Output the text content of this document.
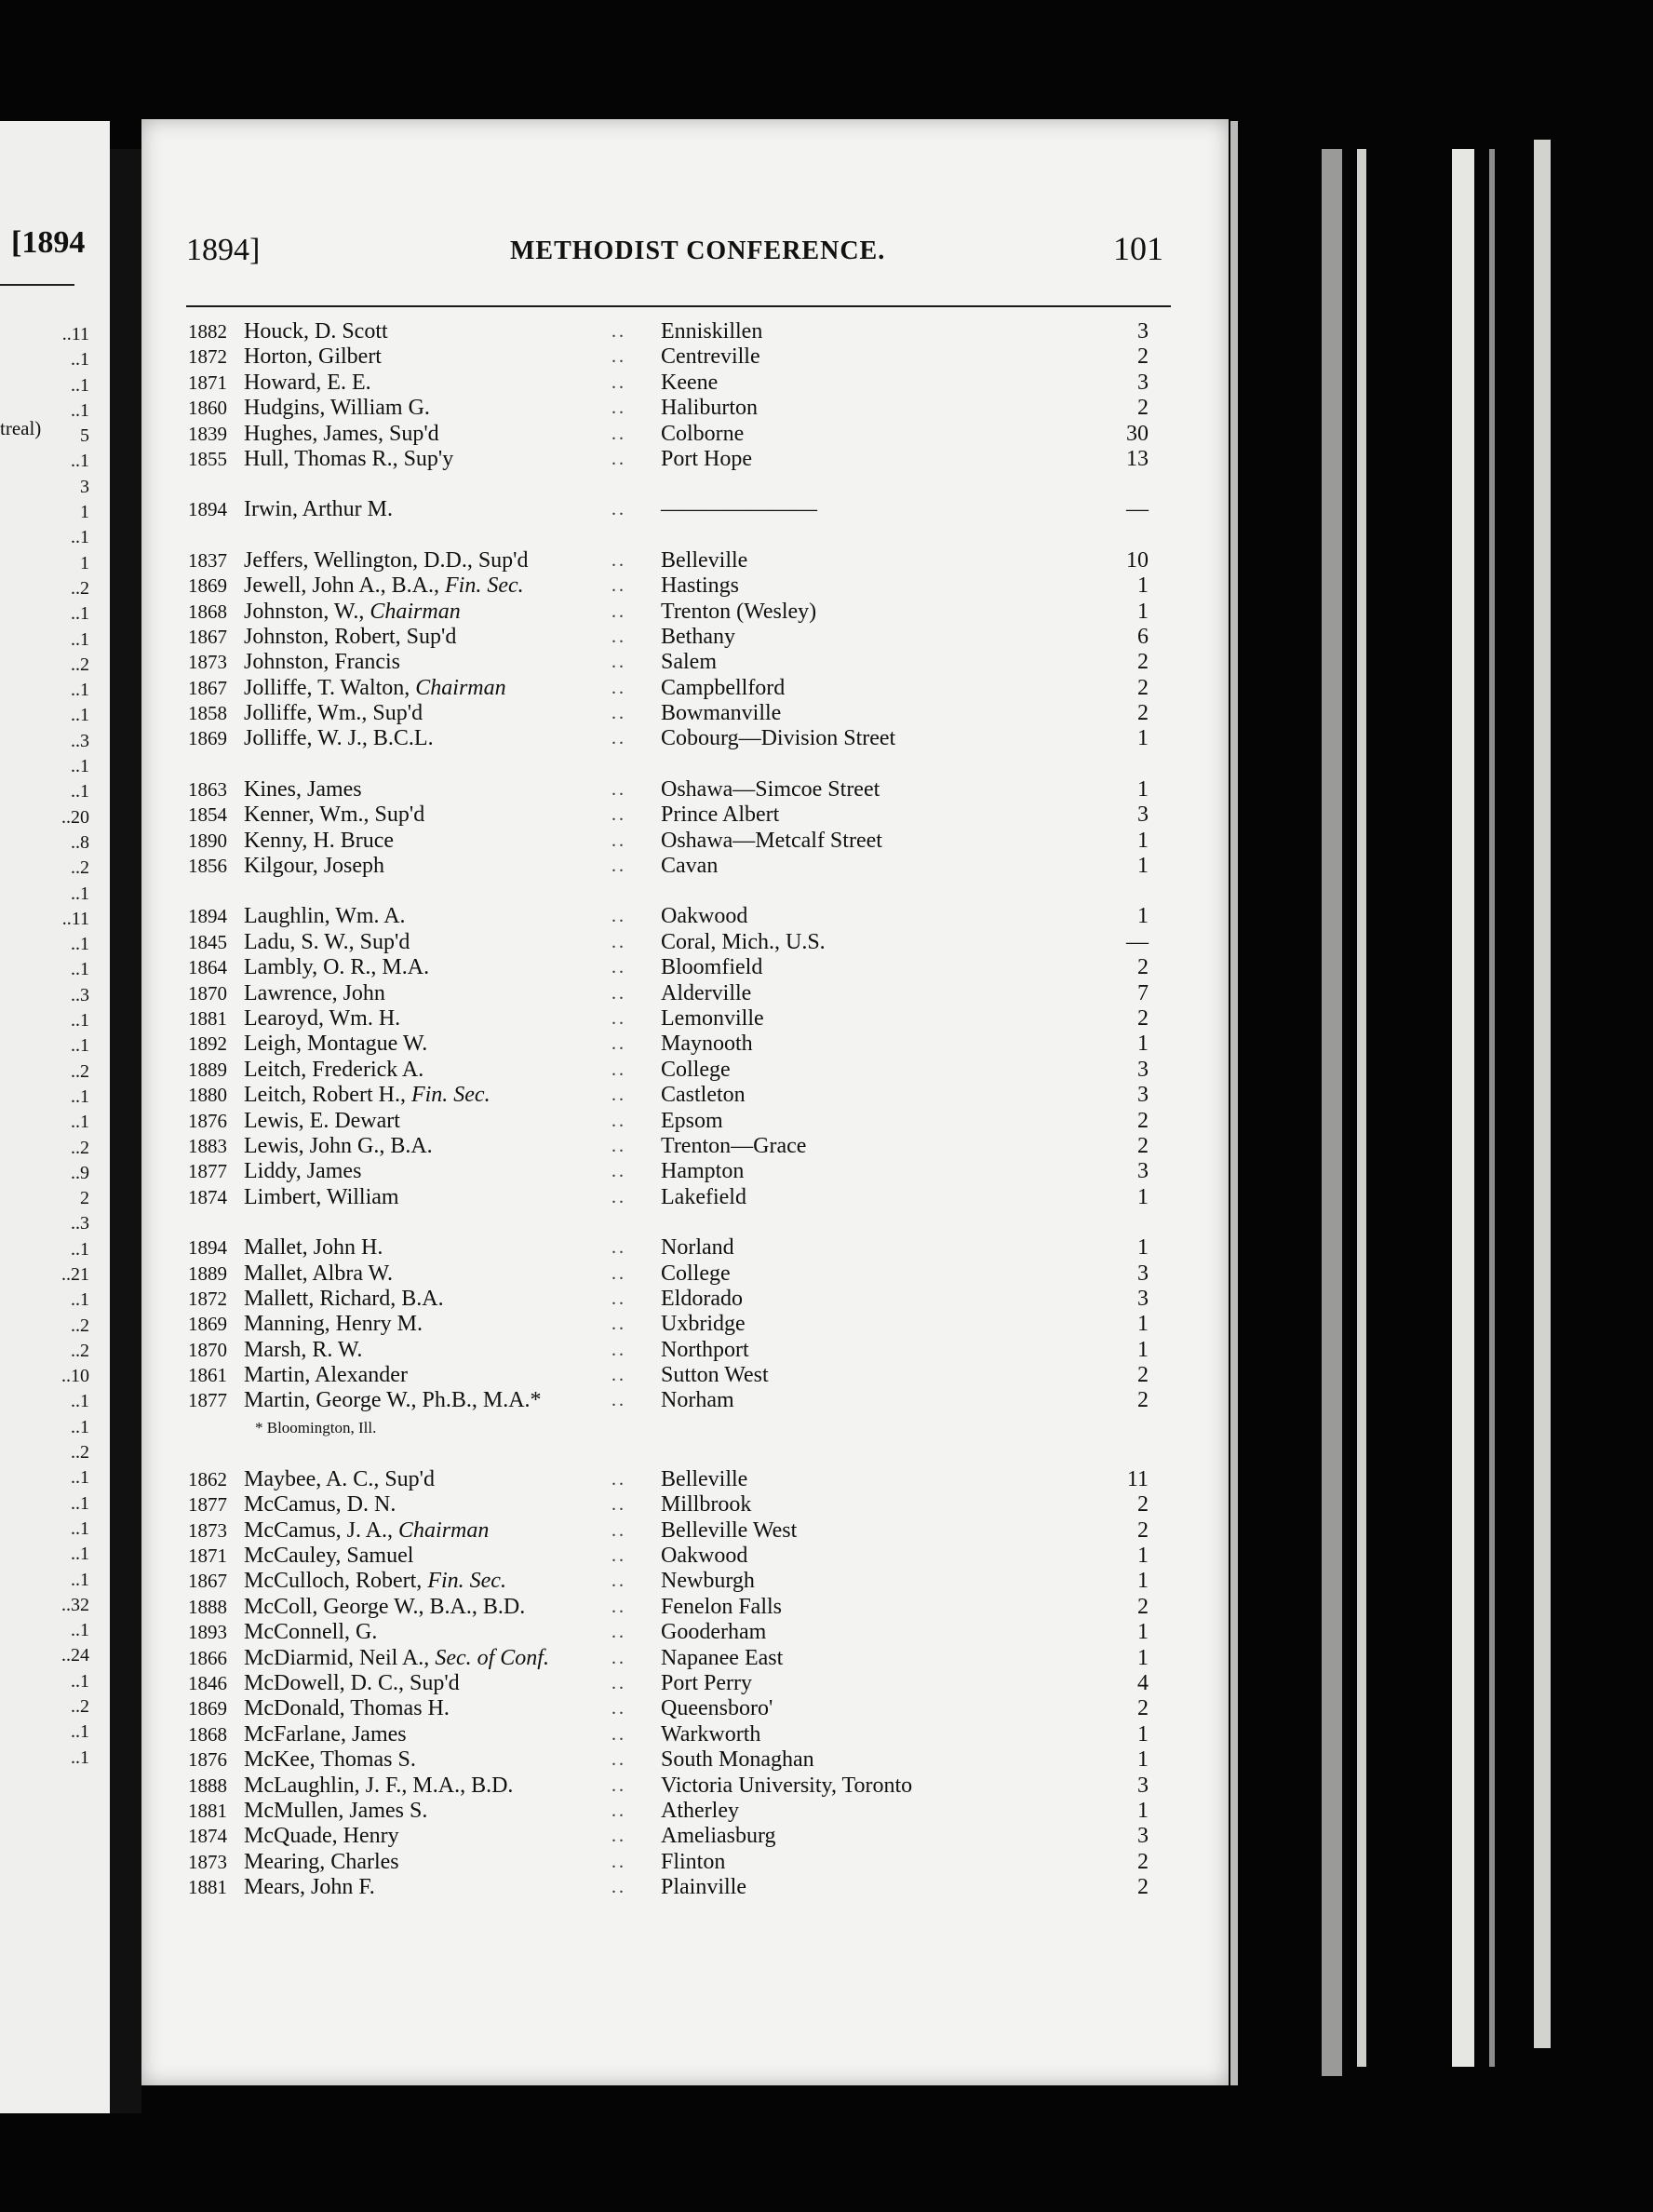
[1894
treal)
..11
..1
..1
..1
5
..1
3
1
..1
1
..2
..1
..1
..2
..1
..1
..3
..1
..1
..20
..8
..2
..1
..11
..1
..1
..3
..1
..1
..2
..1
..1
..2
..9
2
..3
..1
..21
..1
..2
..2
..10
..1
..1
..2
..1
..1
..1
..1
..1
..32
..1
..24
..1
..2
..1
..1
1894]	METHODIST CONFERENCE.	101
1882 Houck, D. Scott	.. Enniskillen	3
1872 Horton, Gilbert	.. Centreville	2
1871 Howard, E. E.	.. Keene	3
1860 Hudgins, William G.	.. Haliburton	2
1839 Hughes, James, Sup'd	.. Colborne	30
1855 Hull, Thomas R., Sup'y	.. Port Hope	13
1894 Irwin, Arthur M.	.. ———————	—
1837 Jeffers, Wellington, D.D., Sup'd	.. Belleville	10
1869 Jewell, John A., B.A., Fin. Sec.	.. Hastings	1
1868 Johnston, W., Chairman	.. Trenton (Wesley)	1
1867 Johnston, Robert, Sup'd	.. Bethany	6
1873 Johnston, Francis	.. Salem	2
1867 Jolliffe, T. Walton, Chairman	.. Campbellford	2
1858 Jolliffe, Wm., Sup'd	.. Bowmanville	2
1869 Jolliffe, W. J., B.C.L.	.. Cobourg—Division Street	1
1863 Kines, James	.. Oshawa—Simcoe Street	1
1854 Kenner, Wm., Sup'd	.. Prince Albert	3
1890 Kenny, H. Bruce	.. Oshawa—Metcalf Street	1
1856 Kilgour, Joseph	.. Cavan	1
1894 Laughlin, Wm. A.	.. Oakwood	1
1845 Ladu, S. W., Sup'd	.. Coral, Mich., U.S.	—
1864 Lambly, O. R., M.A.	.. Bloomfield	2
1870 Lawrence, John	.. Alderville	7
1881 Learoyd, Wm. H.	.. Lemonville	2
1892 Leigh, Montague W.	.. Maynooth	1
1889 Leitch, Frederick A.	.. College	3
1880 Leitch, Robert H., Fin. Sec.	.. Castleton	3
1876 Lewis, E. Dewart	.. Epsom	2
1883 Lewis, John G., B.A.	.. Trenton—Grace	2
1877 Liddy, James	.. Hampton	3
1874 Limbert, William	.. Lakefield	1
1894 Mallet, John H.	.. Norland	1
1889 Mallet, Albra W.	.. College	3
1872 Mallett, Richard, B.A.	.. Eldorado	3
1869 Manning, Henry M.	.. Uxbridge	1
1870 Marsh, R. W.	.. Northport	1
1861 Martin, Alexander	.. Sutton West	2
1877 Martin, George W., Ph.B., M.A.*	.. Norham	2
* Bloomington, Ill.
1862 Maybee, A. C., Sup'd	.. Belleville	11
1877 McCamus, D. N.	.. Millbrook	2
1873 McCamus, J. A., Chairman	.. Belleville West	2
1871 McCauley, Samuel	.. Oakwood	1
1867 McCulloch, Robert, Fin. Sec.	.. Newburgh	1
1888 McColl, George W., B.A., B.D.	.. Fenelon Falls	2
1893 McConnell, G.	.. Gooderham	1
1866 McDiarmid, Neil A., Sec. of Conf.	.. Napanee East	1
1846 McDowell, D. C., Sup'd	.. Port Perry	4
1869 McDonald, Thomas H.	.. Queensboro'	2
1868 McFarlane, James	.. Warkworth	1
1876 McKee, Thomas S.	.. South Monaghan	1
1888 McLaughlin, J. F., M.A., B.D.	.. Victoria University, Toronto	3
1881 McMullen, James S.	.. Atherley	1
1874 McQuade, Henry	.. Ameliasburg	3
1873 Mearing, Charles	.. Flinton	2
1881 Mears, John F.	.. Plainville	2
